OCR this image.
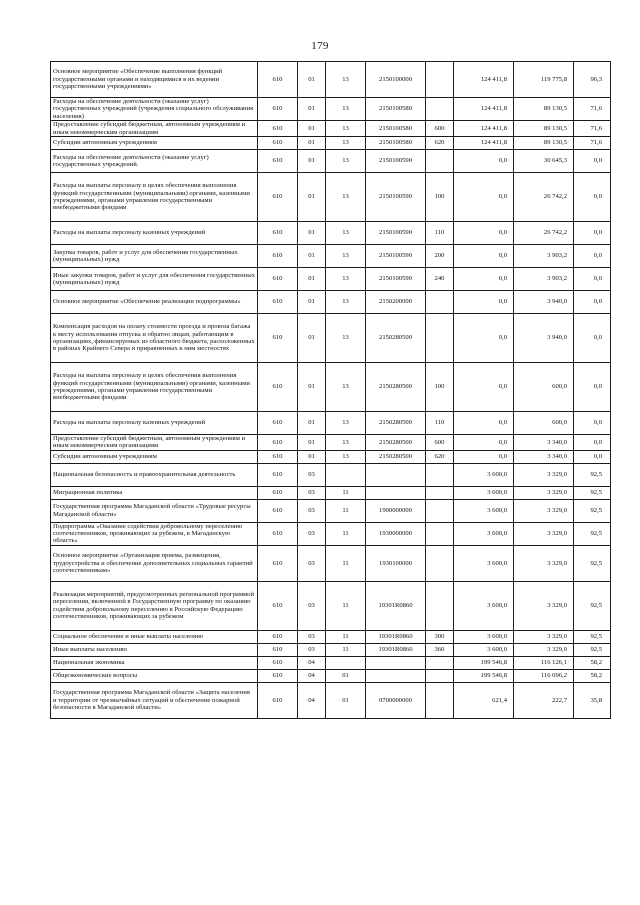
179
Основное мероприятие «Обеспечение выполнения функций государственными органами и находящимися в их ведении государственными учреждениями»	610	01	13	2150100000		124 411,8	119 775,8	96,3
Расходы на обеспечение деятельности (оказание услуг) государственных учреждений (учреждения социального обслуживания населения)	610	01	13	2150100580		124 411,8	89 130,5	71,6
Предоставление субсидий бюджетным, автономным учреждениям и иным некоммерческим организациям	610	01	13	2150100580	600	124 411,8	89 130,5	71,6
Субсидии автономным учреждениям	610	01	13	2150100580	620	124 411,8	89 130,5	71,6
Расходы на обеспечение деятельности (оказание услуг) государственных учреждений.	610	01	13	2150100590		0,0	30 645,3	0,0
Расходы на выплаты персоналу в целях обеспечения выполнения функций государственными (муниципальными) органами, казенными учреждениями, органами управления государственными внебюджетными фондами	610	01	13	2150100590	100	0,0	26 742,2	0,0
Расходы на выплаты персоналу казенных учреждений	610	01	13	2150100590	110	0,0	26 742,2	0,0
Закупка товаров, работ и услуг для обеспечения государственных (муниципальных) нужд	610	01	13	2150100590	200	0,0	3 903,2	0,0
Иные закупки товаров, работ и услуг для обеспечения государственных (муниципальных) нужд	610	01	13	2150100590	240	0,0	3 903,2	0,0
Основное мероприятие «Обеспечение реализации подпрограммы»	610	01	13	2150200000		0,0	3 940,0	0,0
Компенсация расходов на оплату стоимости проезда и провоза багажа к месту использования отпуска и обратно лицам, работающим в организациях, финансируемых из областного бюджета, расположенных в районах Крайнего Севера и приравненных к ним местностях	610	01	13	2150280500		0,0	3 940,0	0,0
Расходы на выплаты персоналу в целях обеспечения выполнения функций государственными (муниципальными) органами, казенными учреждениями, органами управления государственными внебюджетными фондами	610	01	13	2150280500	100	0,0	600,0	0,0
Расходы на выплаты персоналу казенных учреждений	610	01	13	2150280500	110	0,0	600,0	0,0
Предоставление субсидий бюджетным, автономным учреждениям и иным некоммерческим организациям	610	01	13	2150280500	600	0,0	3 340,0	0,0
Субсидии автономным учреждениям	610	01	13	2150280500	620	0,0	3 340,0	0,0
Национальная безопасность и правоохранительная деятельность	610	03				3 600,0	3 329,0	92,5
Миграционная политика	610	03	11			3 600,0	3 329,0	92,5
Государственная программа Магаданской области «Трудовые ресурсы Магаданской области»	610	03	11	1900000000		3 600,0	3 329,0	92,5
Подпрограмма «Оказание содействия добровольному переселению соотечественников, проживающих за рубежом, в Магаданскую область»	610	03	11	1930000000		3 600,0	3 329,0	92,5
Основное мероприятие «Организация приема, размещения, трудоустройства и обеспечение дополнительных социальных гарантий соотечественникам»	610	03	11	1930100000		3 600,0	3 329,0	92,5
Реализация мероприятий, предусмотренных региональной программой переселения, включенной в Государственную программу по оказанию содействия добровольному переселению в Российскую Федерацию соотечественников, проживающих за рубежом	610	03	11	19301R0860		3 600,0	3 329,0	92,5
Социальное обеспечение и иные выплаты населению	610	03	11	19301R0860	300	3 600,0	3 329,0	92,5
Иные выплаты населению	610	03	11	19301R0860	360	3 600,0	3 329,0	92,5
Национальная экономика	610	04				199 546,8	116 126,1	58,2
Общеэкономические вопросы	610	04	01			199 546,8	116 096,2	58,2
Государственная программа Магаданской области «Защита населения и территории от чрезвычайных ситуаций и обеспечение пожарной безопасности в Магаданской области»	610	04	01	0700000000		621,4	222,7	35,8
